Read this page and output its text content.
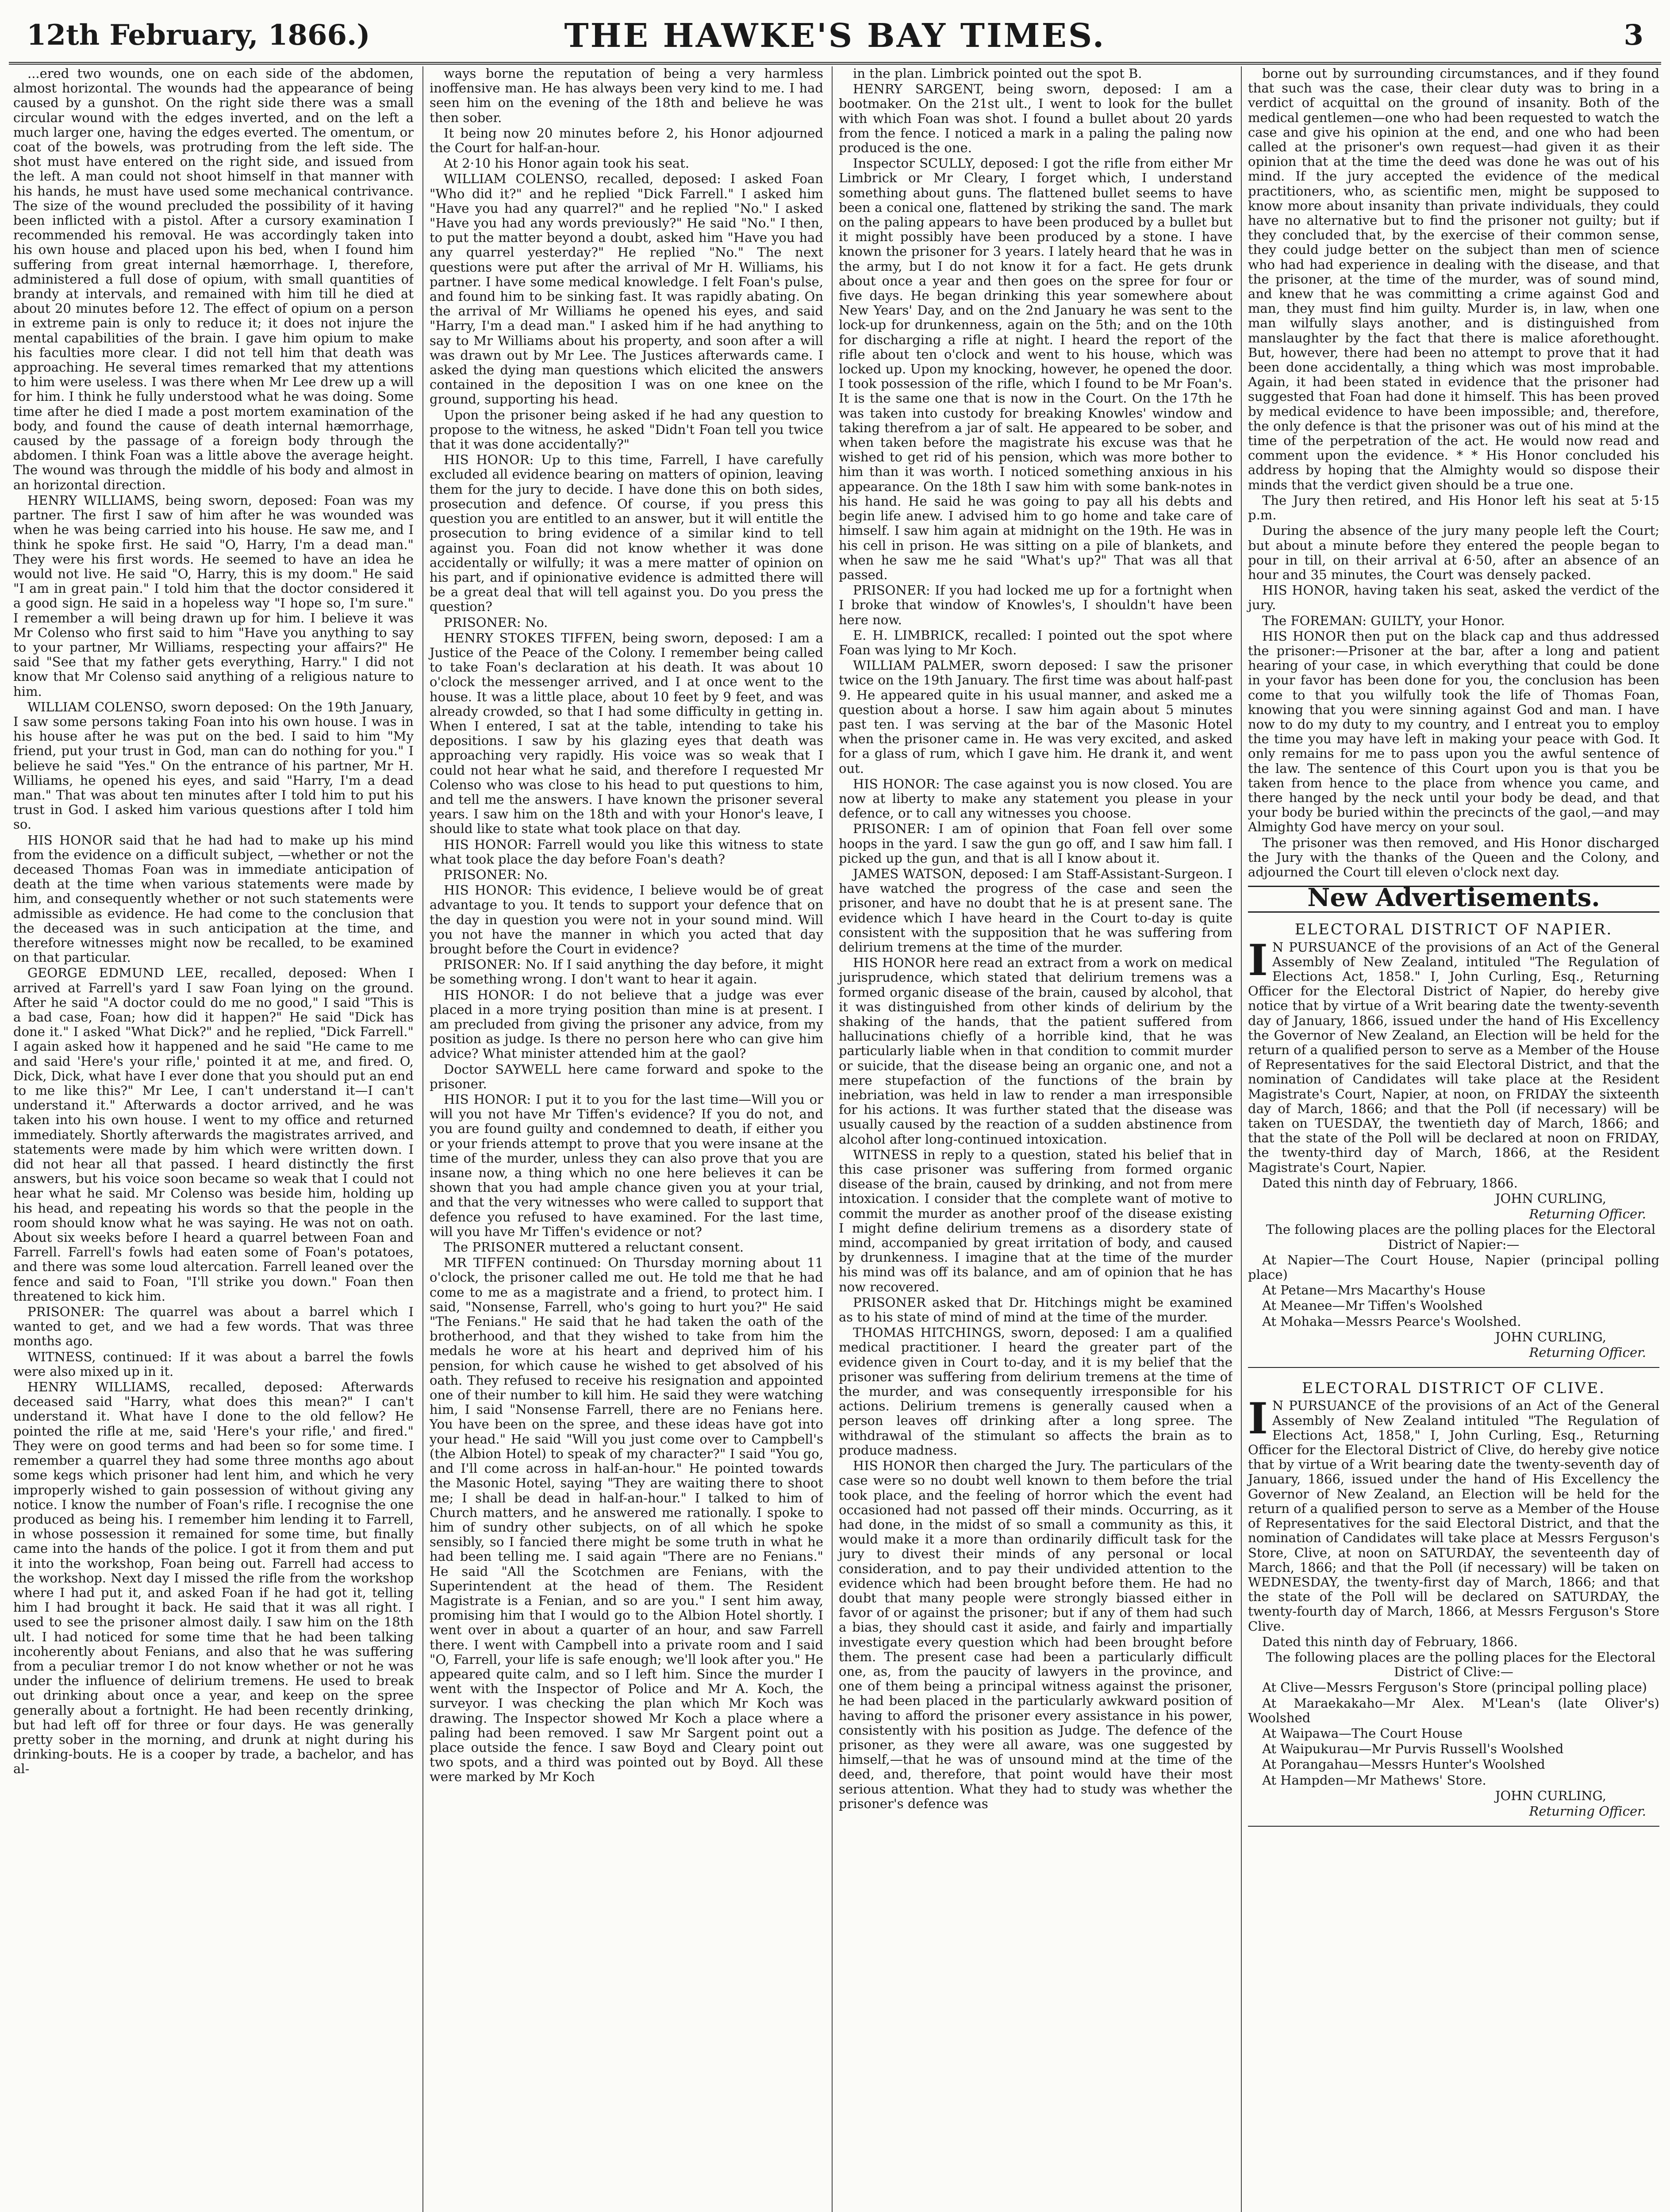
12th February, 1866.)	THE HAWKE'S BAY TIMES.	3

...ered two wounds, one on each side of the abdomen, almost horizontal. The wounds had the appearance of being caused by a gunshot. On the right side there was a small circular wound with the edges inverted, and on the left a much larger one, having the edges everted. The omentum, or coat of the bowels, was protruding from the left side. The shot must have entered on the right side, and issued from the left. A man could not shoot himself in that manner with his hands, he must have used some mechanical contrivance. The size of the wound precluded the possibility of it having been inflicted with a pistol. After a cursory examination I recommended his removal. He was accordingly taken into his own house and placed upon his bed, when I found him suffering from great internal hæmorrhage. I, therefore, administered a full dose of opium, with small quantities of brandy at intervals, and remained with him till he died at about 20 minutes before 12. The effect of opium on a person in extreme pain is only to reduce it; it does not injure the mental capabilities of the brain. I gave him opium to make his faculties more clear. I did not tell him that death was approaching. He several times remarked that my attentions to him were useless. I was there when Mr Lee drew up a will for him. I think he fully understood what he was doing. Some time after he died I made a post mortem examination of the body, and found the cause of death internal hæmorrhage, caused by the passage of a foreign body through the abdomen. I think Foan was a little above the average height. The wound was through the middle of his body and almost in an horizontal direction.

HENRY WILLIAMS, being sworn, deposed: Foan was my partner. The first I saw of him after he was wounded was when he was being carried into his house. He saw me, and I think he spoke first. He said "O, Harry, I'm a dead man." They were his first words. He seemed to have an idea he would not live. He said "O, Harry, this is my doom." He said "I am in great pain." I told him that the doctor considered it a good sign. He said in a hopeless way "I hope so, I'm sure." I remember a will being drawn up for him. I believe it was Mr Colenso who first said to him "Have you anything to say to your partner, Mr Williams, respecting your affairs?" He said "See that my father gets everything, Harry." I did not know that Mr Colenso said anything of a religious nature to him.

WILLIAM COLENSO, sworn deposed: On the 19th January, I saw some persons taking Foan into his own house. I was in his house after he was put on the bed. I said to him "My friend, put your trust in God, man can do nothing for you." I believe he said "Yes." On the entrance of his partner, Mr H. Williams, he opened his eyes, and said "Harry, I'm a dead man." That was about ten minutes after I told him to put his trust in God. I asked him various questions after I told him so.

HIS HONOR said that he had had to make up his mind from the evidence on a difficult subject, —whether or not the deceased Thomas Foan was in immediate anticipation of death at the time when various statements were made by him, and consequently whether or not such statements were admissible as evidence. He had come to the conclusion that the deceased was in such anticipation at the time, and therefore witnesses might now be recalled, to be examined on that particular.

GEORGE EDMUND LEE, recalled, deposed: When I arrived at Farrell's yard I saw Foan lying on the ground. After he said "A doctor could do me no good," I said "This is a bad case, Foan; how did it happen?" He said "Dick has done it." I asked "What Dick?" and he replied, "Dick Farrell." I again asked how it happened and he said "He came to me and said 'Here's your rifle,' pointed it at me, and fired. O, Dick, Dick, what have I ever done that you should put an end to me like this?" Mr Lee, I can't understand it—I can't understand it." Afterwards a doctor arrived, and he was taken into his own house. I went to my office and returned immediately. Shortly afterwards the magistrates arrived, and statements were made by him which were written down. I did not hear all that passed. I heard distinctly the first answers, but his voice soon became so weak that I could not hear what he said. Mr Colenso was beside him, holding up his head, and repeating his words so that the people in the room should know what he was saying. He was not on oath. About six weeks before I heard a quarrel between Foan and Farrell. Farrell's fowls had eaten some of Foan's potatoes, and there was some loud altercation. Farrell leaned over the fence and said to Foan, "I'll strike you down." Foan then threatened to kick him.

PRISONER: The quarrel was about a barrel which I wanted to get, and we had a few words. That was three months ago.

WITNESS, continued: If it was about a barrel the fowls were also mixed up in it.

HENRY WILLIAMS, recalled, deposed: Afterwards deceased said "Harry, what does this mean?" I can't understand it. What have I done to the old fellow? He pointed the rifle at me, said 'Here's your rifle,' and fired." They were on good terms and had been so for some time. I remember a quarrel they had some three months ago about some kegs which prisoner had lent him, and which he very improperly wished to gain possession of without giving any notice. I know the number of Foan's rifle. I recognise the one produced as being his. I remember him lending it to Farrell, in whose possession it remained for some time, but finally came into the hands of the police. I got it from them and put it into the workshop, Foan being out. Farrell had access to the workshop. Next day I missed the rifle from the workshop where I had put it, and asked Foan if he had got it, telling him I had brought it back. He said that it was all right. I used to see the prisoner almost daily. I saw him on the 18th ult. I had noticed for some time that he had been talking incoherently about Fenians, and also that he was suffering from a peculiar tremor I do not know whether or not he was under the influence of delirium tremens. He used to break out drinking about once a year, and keep on the spree generally about a fortnight. He had been recently drinking, but had left off for three or four days. He was generally pretty sober in the morning, and drunk at night during his drinking-bouts. He is a cooper by trade, a bachelor, and has al-

ways borne the reputation of being a very harmless inoffensive man. He has always been very kind to me. I had seen him on the evening of the 18th and believe he was then sober.

It being now 20 minutes before 2, his Honor adjourned the Court for half-an-hour.

At 2·10 his Honor again took his seat.

WILLIAM COLENSO, recalled, deposed: I asked Foan "Who did it?" and he replied "Dick Farrell." I asked him "Have you had any quarrel?" and he replied "No." I asked "Have you had any words previously?" He said "No." I then, to put the matter beyond a doubt, asked him "Have you had any quarrel yesterday?" He replied "No." The next questions were put after the arrival of Mr H. Williams, his partner. I have some medical knowledge. I felt Foan's pulse, and found him to be sinking fast. It was rapidly abating. On the arrival of Mr Williams he opened his eyes, and said "Harry, I'm a dead man." I asked him if he had anything to say to Mr Williams about his property, and soon after a will was drawn out by Mr Lee. The Justices afterwards came. I asked the dying man questions which elicited the answers contained in the deposition I was on one knee on the ground, supporting his head.

Upon the prisoner being asked if he had any question to propose to the witness, he asked "Didn't Foan tell you twice that it was done accidentally?"

HIS HONOR: Up to this time, Farrell, I have carefully excluded all evidence bearing on matters of opinion, leaving them for the jury to decide. I have done this on both sides, prosecution and defence. Of course, if you press this question you are entitled to an answer, but it will entitle the prosecution to bring evidence of a similar kind to tell against you. Foan did not know whether it was done accidentally or wilfully; it was a mere matter of opinion on his part, and if opinionative evidence is admitted there will be a great deal that will tell against you. Do you press the question?

PRISONER: No.

HENRY STOKES TIFFEN, being sworn, deposed: I am a Justice of the Peace of the Colony. I remember being called to take Foan's declaration at his death. It was about 10 o'clock the messenger arrived, and I at once went to the house. It was a little place, about 10 feet by 9 feet, and was already crowded, so that I had some difficulty in getting in. When I entered, I sat at the table, intending to take his depositions. I saw by his glazing eyes that death was approaching very rapidly. His voice was so weak that I could not hear what he said, and therefore I requested Mr Colenso who was close to his head to put questions to him, and tell me the answers. I have known the prisoner several years. I saw him on the 18th and with your Honor's leave, I should like to state what took place on that day.

HIS HONOR: Farrell would you like this witness to state what took place the day before Foan's death?

PRISONER: No.

HIS HONOR: This evidence, I believe would be of great advantage to you. It tends to support your defence that on the day in question you were not in your sound mind. Will you not have the manner in which you acted that day brought before the Court in evidence?

PRISONER: No. If I said anything the day before, it might be something wrong. I don't want to hear it again.

HIS HONOR: I do not believe that a judge was ever placed in a more trying position than mine is at present. I am precluded from giving the prisoner any advice, from my position as judge. Is there no person here who can give him advice? What minister attended him at the gaol?

Doctor SAYWELL here came forward and spoke to the prisoner.

HIS HONOR: I put it to you for the last time—Will you or will you not have Mr Tiffen's evidence? If you do not, and you are found guilty and condemned to death, if either you or your friends attempt to prove that you were insane at the time of the murder, unless they can also prove that you are insane now, a thing which no one here believes it can be shown that you had ample chance given you at your trial, and that the very witnesses who were called to support that defence you refused to have examined. For the last time, will you have Mr Tiffen's evidence or not?

The PRISONER muttered a reluctant consent.

MR TIFFEN continued: On Thursday morning about 11 o'clock, the prisoner called me out. He told me that he had come to me as a magistrate and a friend, to protect him. I said, "Nonsense, Farrell, who's going to hurt you?" He said "The Fenians." He said that he had taken the oath of the brotherhood, and that they wished to take from him the medals he wore at his heart and deprived him of his pension, for which cause he wished to get absolved of his oath. They refused to receive his resignation and appointed one of their number to kill him. He said they were watching him, I said "Nonsense Farrell, there are no Fenians here. You have been on the spree, and these ideas have got into your head." He said "Will you just come over to Campbell's (the Albion Hotel) to speak of my character?" I said "You go, and I'll come across in half-an-hour." He pointed towards the Masonic Hotel, saying "They are waiting there to shoot me; I shall be dead in half-an-hour." I talked to him of Church matters, and he answered me rationally. I spoke to him of sundry other subjects, on of all which he spoke sensibly, so I fancied there might be some truth in what he had been telling me. I said again "There are no Fenians." He said "All the Scotchmen are Fenians, with the Superintendent at the head of them. The Resident Magistrate is a Fenian, and so are you." I sent him away, promising him that I would go to the Albion Hotel shortly. I went over in about a quarter of an hour, and saw Farrell there. I went with Campbell into a private room and I said "O, Farrell, your life is safe enough; we'll look after you." He appeared quite calm, and so I left him. Since the murder I went with the Inspector of Police and Mr A. Koch, the surveyor. I was checking the plan which Mr Koch was drawing. The Inspector showed Mr Koch a place where a paling had been removed. I saw Mr Sargent point out a place outside the fence. I saw Boyd and Cleary point out two spots, and a third was pointed out by Boyd. All these were marked by Mr Koch

in the plan. Limbrick pointed out the spot B.

HENRY SARGENT, being sworn, deposed: I am a bootmaker. On the 21st ult., I went to look for the bullet with which Foan was shot. I found a bullet about 20 yards from the fence. I noticed a mark in a paling the paling now produced is the one.

Inspector SCULLY, deposed: I got the rifle from either Mr Limbrick or Mr Cleary, I forget which, I understand something about guns. The flattened bullet seems to have been a conical one, flattened by striking the sand. The mark on the paling appears to have been produced by a bullet but it might possibly have been produced by a stone. I have known the prisoner for 3 years. I lately heard that he was in the army, but I do not know it for a fact. He gets drunk about once a year and then goes on the spree for four or five days. He began drinking this year somewhere about New Years' Day, and on the 2nd January he was sent to the lock-up for drunkenness, again on the 5th; and on the 10th for discharging a rifle at night. I heard the report of the rifle about ten o'clock and went to his house, which was locked up. Upon my knocking, however, he opened the door. I took possession of the rifle, which I found to be Mr Foan's. It is the same one that is now in the Court. On the 17th he was taken into custody for breaking Knowles' window and taking therefrom a jar of salt. He appeared to be sober, and when taken before the magistrate his excuse was that he wished to get rid of his pension, which was more bother to him than it was worth. I noticed something anxious in his appearance. On the 18th I saw him with some bank-notes in his hand. He said he was going to pay all his debts and begin life anew. I advised him to go home and take care of himself. I saw him again at midnight on the 19th. He was in his cell in prison. He was sitting on a pile of blankets, and when he saw me he said "What's up?" That was all that passed.

PRISONER: If you had locked me up for a fortnight when I broke that window of Knowles's, I shouldn't have been here now.

E. H. LIMBRICK, recalled: I pointed out the spot where Foan was lying to Mr Koch.

WILLIAM PALMER, sworn deposed: I saw the prisoner twice on the 19th January. The first time was about half-past 9. He appeared quite in his usual manner, and asked me a question about a horse. I saw him again about 5 minutes past ten. I was serving at the bar of the Masonic Hotel when the prisoner came in. He was very excited, and asked for a glass of rum, which I gave him. He drank it, and went out.

HIS HONOR: The case against you is now closed. You are now at liberty to make any statement you please in your defence, or to call any witnesses you choose.

PRISONER: I am of opinion that Foan fell over some hoops in the yard. I saw the gun go off, and I saw him fall. I picked up the gun, and that is all I know about it.

JAMES WATSON, deposed: I am Staff-Assistant-Surgeon. I have watched the progress of the case and seen the prisoner, and have no doubt that he is at present sane. The evidence which I have heard in the Court to-day is quite consistent with the supposition that he was suffering from delirium tremens at the time of the murder.

HIS HONOR here read an extract from a work on medical jurisprudence, which stated that delirium tremens was a formed organic disease of the brain, caused by alcohol, that it was distinguished from other kinds of delirium by the shaking of the hands, that the patient suffered from hallucinations chiefly of a horrible kind, that he was particularly liable when in that condition to commit murder or suicide, that the disease being an organic one, and not a mere stupefaction of the functions of the brain by inebriation, was held in law to render a man irresponsible for his actions. It was further stated that the disease was usually caused by the reaction of a sudden abstinence from alcohol after long-continued intoxication.

WITNESS in reply to a question, stated his belief that in this case prisoner was suffering from formed organic disease of the brain, caused by drinking, and not from mere intoxication. I consider that the complete want of motive to commit the murder as another proof of the disease existing I might define delirium tremens as a disordery state of mind, accompanied by great irritation of body, and caused by drunkenness. I imagine that at the time of the murder his mind was off its balance, and am of opinion that he has now recovered.

PRISONER asked that Dr. Hitchings might be examined as to his state of mind of mind at the time of the murder.

THOMAS HITCHINGS, sworn, deposed: I am a qualified medical practitioner. I heard the greater part of the evidence given in Court to-day, and it is my belief that the prisoner was suffering from delirium tremens at the time of the murder, and was consequently irresponsible for his actions. Delirium tremens is generally caused when a person leaves off drinking after a long spree. The withdrawal of the stimulant so affects the brain as to produce madness.

HIS HONOR then charged the Jury. The particulars of the case were so no doubt well known to them before the trial took place, and the feeling of horror which the event had occasioned had not passed off their minds. Occurring, as it had done, in the midst of so small a community as this, it would make it a more than ordinarily difficult task for the jury to divest their minds of any personal or local consideration, and to pay their undivided attention to the evidence which had been brought before them. He had no doubt that many people were strongly biassed either in favor of or against the prisoner; but if any of them had such a bias, they should cast it aside, and fairly and impartially investigate every question which had been brought before them. The present case had been a particularly difficult one, as, from the paucity of lawyers in the province, and one of them being a principal witness against the prisoner, he had been placed in the particularly awkward position of having to afford the prisoner every assistance in his power, consistently with his position as Judge. The defence of the prisoner, as they were all aware, was one suggested by himself,—that he was of unsound mind at the time of the deed, and, therefore, that point would have their most serious attention. What they had to study was whether the prisoner's defence was

borne out by surrounding circumstances, and if they found that such was the case, their clear duty was to bring in a verdict of acquittal on the ground of insanity. Both of the medical gentlemen—one who had been requested to watch the case and give his opinion at the end, and one who had been called at the prisoner's own request—had given it as their opinion that at the time the deed was done he was out of his mind. If the jury accepted the evidence of the medical practitioners, who, as scientific men, might be supposed to know more about insanity than private individuals, they could have no alternative but to find the prisoner not guilty; but if they concluded that, by the exercise of their common sense, they could judge better on the subject than men of science who had had experience in dealing with the disease, and that the prisoner, at the time of the murder, was of sound mind, and knew that he was committing a crime against God and man, they must find him guilty. Murder is, in law, when one man wilfully slays another, and is distinguished from manslaughter by the fact that there is malice aforethought. But, however, there had been no attempt to prove that it had been done accidentally, a thing which was most improbable. Again, it had been stated in evidence that the prisoner had suggested that Foan had done it himself. This has been proved by medical evidence to have been impossible; and, therefore, the only defence is that the prisoner was out of his mind at the time of the perpetration of the act. He would now read and comment upon the evidence. * * His Honor concluded his address by hoping that the Almighty would so dispose their minds that the verdict given should be a true one.

The Jury then retired, and His Honor left his seat at 5·15 p.m.

During the absence of the jury many people left the Court; but about a minute before they entered the people began to pour in till, on their arrival at 6·50, after an absence of an hour and 35 minutes, the Court was densely packed.

HIS HONOR, having taken his seat, asked the verdict of the jury.

The FOREMAN: GUILTY, your Honor.

HIS HONOR then put on the black cap and thus addressed the prisoner:—Prisoner at the bar, after a long and patient hearing of your case, in which everything that could be done in your favor has been done for you, the conclusion has been come to that you wilfully took the life of Thomas Foan, knowing that you were sinning against God and man. I have now to do my duty to my country, and I entreat you to employ the time you may have left in making your peace with God. It only remains for me to pass upon you the awful sentence of the law. The sentence of this Court upon you is that you be taken from hence to the place from whence you came, and there hanged by the neck until your body be dead, and that your body be buried within the precincts of the gaol,—and may Almighty God have mercy on your soul.

The prisoner was then removed, and His Honor discharged the Jury with the thanks of the Queen and the Colony, and adjourned the Court till eleven o'clock next day.

New Advertisements.
ELECTORAL DISTRICT OF NAPIER.

I N PURSUANCE of the provisions of an Act of the General Assembly of New Zealand, intituled "The Regulation of Elections Act, 1858." I, John Curling, Esq., Returning Officer for the Electoral District of Napier, do hereby give notice that by virtue of a Writ bearing date the twenty-seventh day of January, 1866, issued under the hand of His Excellency the Governor of New Zealand, an Election will be held for the return of a qualified person to serve as a Member of the House of Representatives for the said Electoral District, and that the nomination of Candidates will take place at the Resident Magistrate's Court, Napier, at noon, on FRIDAY the sixteenth day of March, 1866; and that the Poll (if necessary) will be taken on TUESDAY, the twentieth day of March, 1866; and that the state of the Poll will be declared at noon on FRIDAY, the twenty-third day of March, 1866, at the Resident Magistrate's Court, Napier.

Dated this ninth day of February, 1866.

JOHN CURLING,

Returning Officer.

The following places are the polling places for the Electoral District of Napier:—

At Napier—The Court House, Napier (principal polling place)

At Petane—Mrs Macarthy's House

At Meanee—Mr Tiffen's Woolshed

At Mohaka—Messrs Pearce's Woolshed.

JOHN CURLING,

Returning Officer.

ELECTORAL DISTRICT OF CLIVE.

I N PURSUANCE of the provisions of an Act of the General Assembly of New Zealand intituled "The Regulation of Elections Act, 1858," I, John Curling, Esq., Returning Officer for the Electoral District of Clive, do hereby give notice that by virtue of a Writ bearing date the twenty-seventh day of January, 1866, issued under the hand of His Excellency the Governor of New Zealand, an Election will be held for the return of a qualified person to serve as a Member of the House of Representatives for the said Electoral District, and that the nomination of Candidates will take place at Messrs Ferguson's Store, Clive, at noon on SATURDAY, the seventeenth day of March, 1866; and that the Poll (if necessary) will be taken on WEDNESDAY, the twenty-first day of March, 1866; and that the state of the Poll will be declared on SATURDAY, the twenty-fourth day of March, 1866, at Messrs Ferguson's Store Clive.

Dated this ninth day of February, 1866.

The following places are the polling places for the Electoral District of Clive:—

At Clive—Messrs Ferguson's Store (principal polling place)

At Maraekakaho—Mr Alex. M'Lean's (late Oliver's) Woolshed

At Waipawa—The Court House

At Waipukurau—Mr Purvis Russell's Woolshed

At Porangahau—Messrs Hunter's Woolshed

At Hampden—Mr Mathews' Store.

JOHN CURLING,

Returning Officer.
